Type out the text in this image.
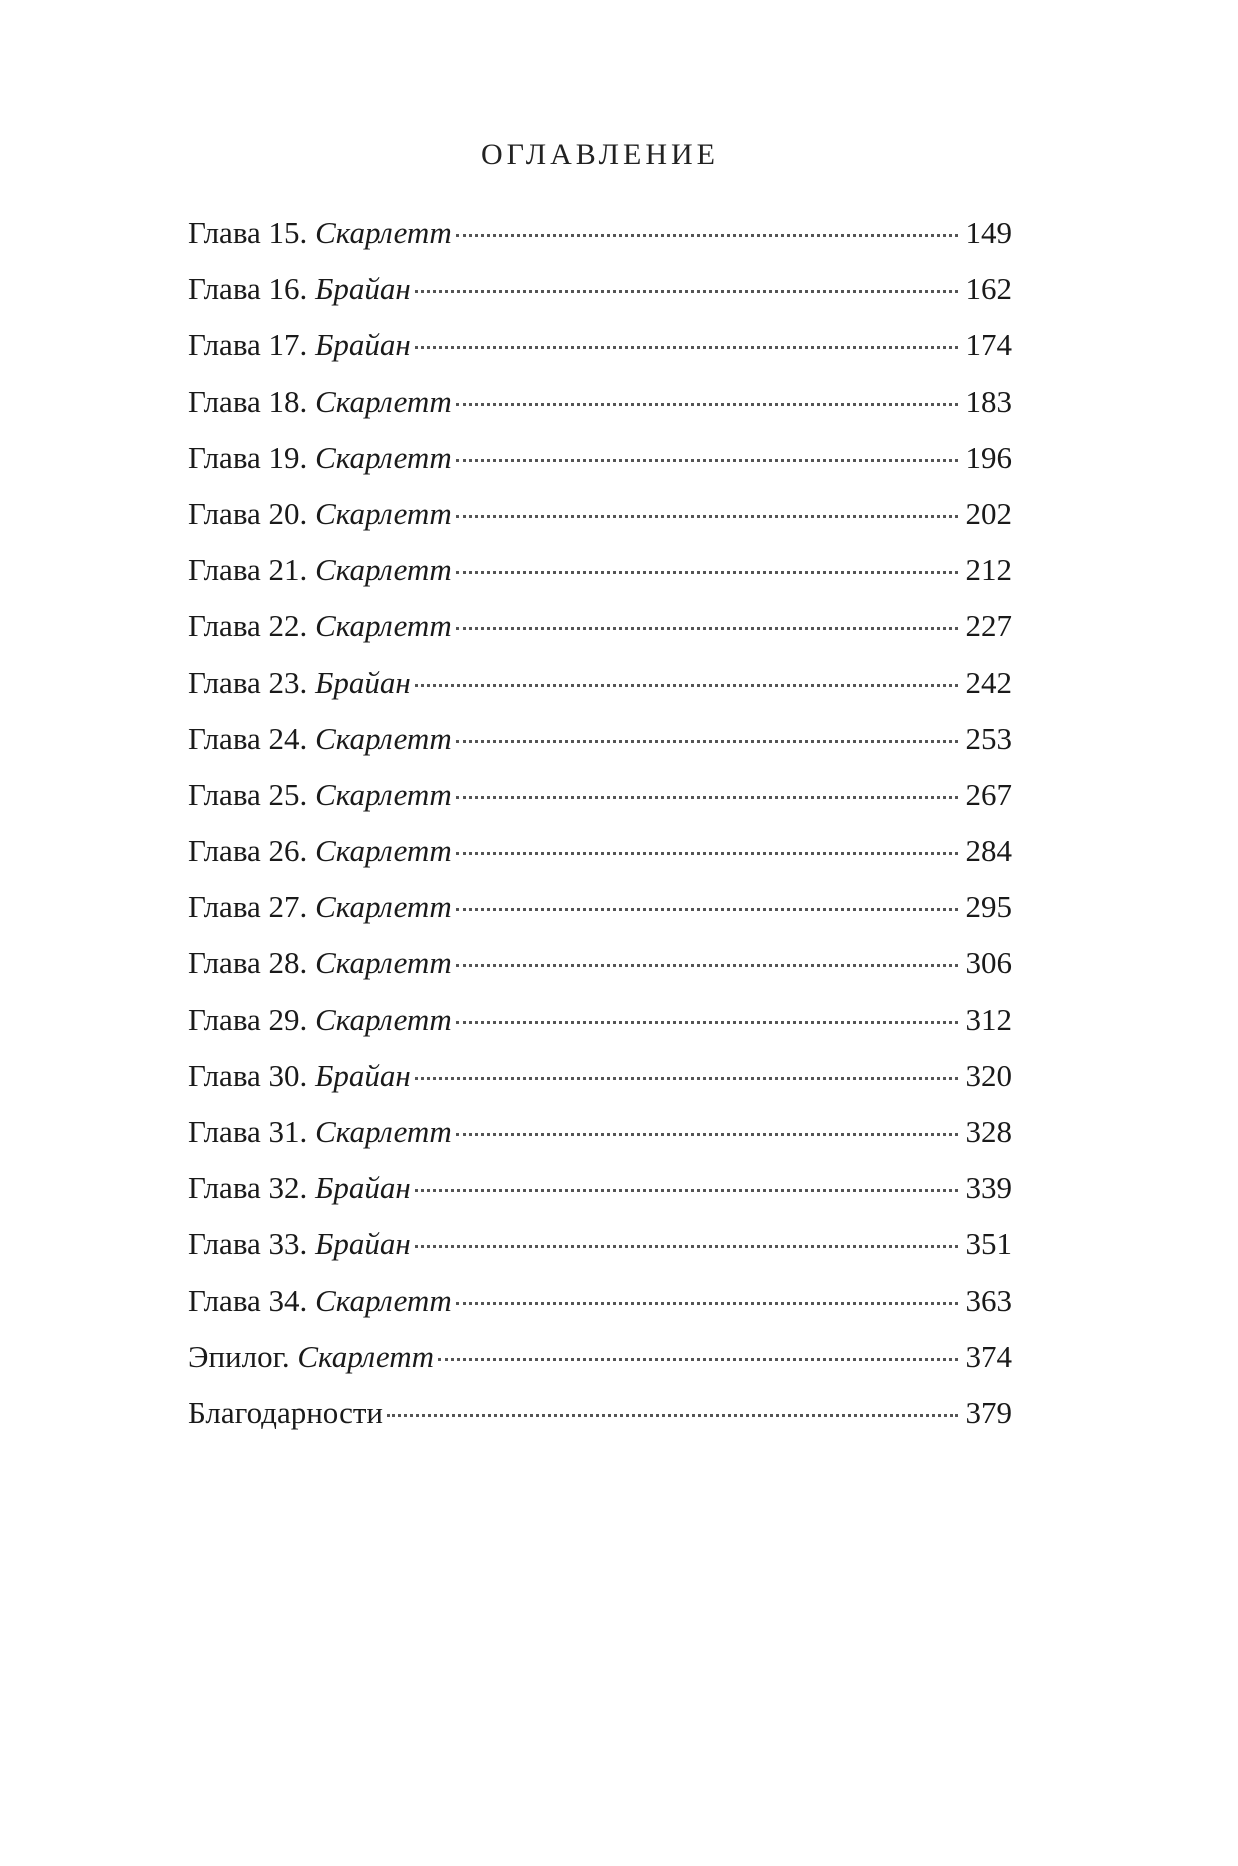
ОГЛАВЛЕНИЕ
Глава 15. Скарлетт	149
Глава 16. Брайан	162
Глава 17. Брайан	174
Глава 18. Скарлетт	183
Глава 19. Скарлетт	196
Глава 20. Скарлетт	202
Глава 21. Скарлетт	212
Глава 22. Скарлетт	227
Глава 23. Брайан	242
Глава 24. Скарлетт	253
Глава 25. Скарлетт	267
Глава 26. Скарлетт	284
Глава 27. Скарлетт	295
Глава 28. Скарлетт	306
Глава 29. Скарлетт	312
Глава 30. Брайан	320
Глава 31. Скарлетт	328
Глава 32. Брайан	339
Глава 33. Брайан	351
Глава 34. Скарлетт	363
Эпилог. Скарлетт	374
Благодарности	379
